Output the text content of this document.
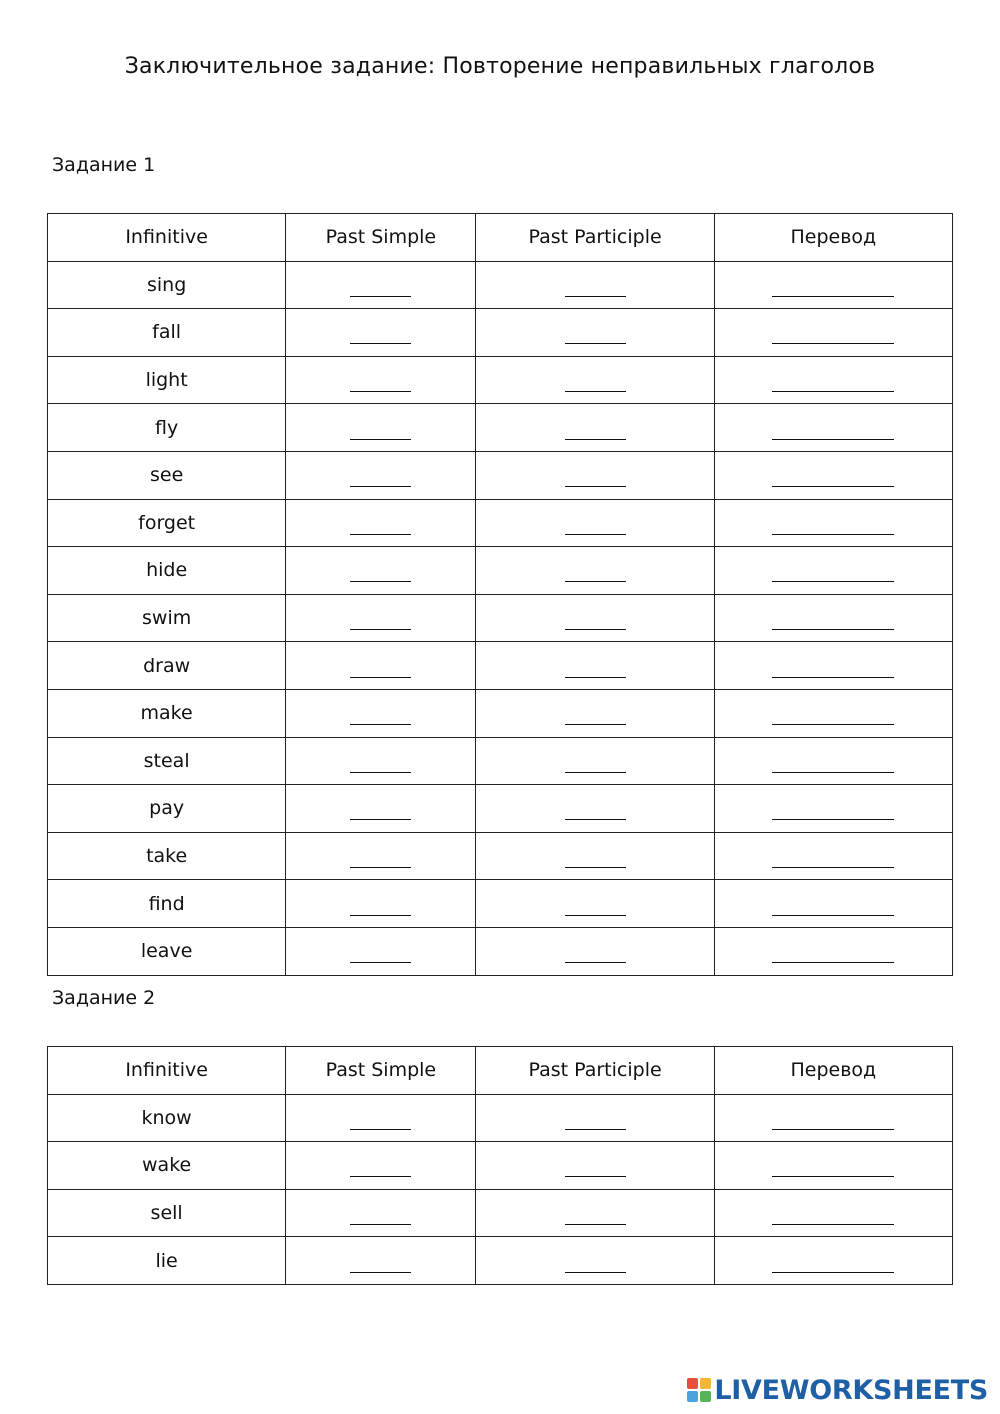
Заключительное задание: Повторение неправильных глаголов
Задание 1
Infinitive	Past Simple	Past Participle	Перевод
sing			
fall			
light			
fly			
see			
forget			
hide			
swim			
draw			
make			
steal			
pay			
take			
find			
leave			
Задание 2
Infinitive	Past Simple	Past Participle	Перевод
know			
wake			
sell			
lie			
LIVEWORKSHEETS
